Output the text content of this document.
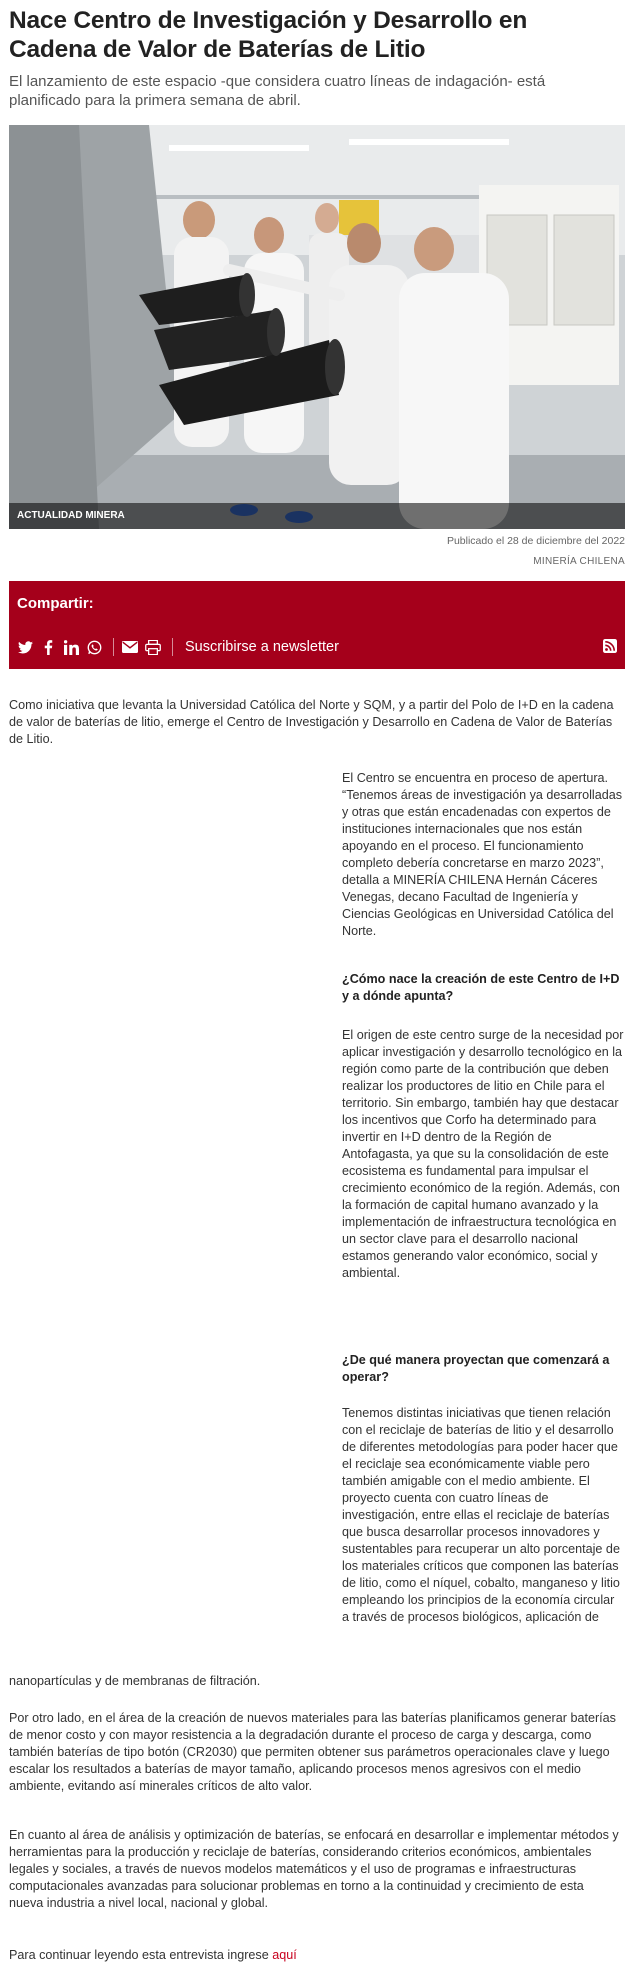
Nace Centro de Investigación y Desarrollo en Cadena de Valor de Baterías de Litio

El lanzamiento de este espacio -que considera cuatro líneas de indagación- está planificado para la primera semana de abril.

ACTUALIDAD MINERA
Publicado el 28 de diciembre del 2022
MINERÍA CHILENA
Compartir:
Suscribirse a newsletter

Como iniciativa que levanta la Universidad Católica del Norte y SQM, y a partir del Polo de I+D en la cadena de valor de baterías de litio, emerge el Centro de Investigación y Desarrollo en Cadena de Valor de Baterías de Litio.

El Centro se encuentra en proceso de apertura. “Tenemos áreas de investigación ya desarrolladas y otras que están encadenadas con expertos de instituciones internacionales que nos están apoyando en el proceso. El funcionamiento completo debería concretarse en marzo 2023”, detalla a MINERÍA CHILENA Hernán Cáceres Venegas, decano Facultad de Ingeniería y Ciencias Geológicas en Universidad Católica del Norte.

¿Cómo nace la creación de este Centro de I+D y a dónde apunta?

El origen de este centro surge de la necesidad por aplicar investigación y desarrollo tecnológico en la región como parte de la contribución que deben realizar los productores de litio en Chile para el territorio. Sin embargo, también hay que destacar los incentivos que Corfo ha determinado para invertir en I+D dentro de la Región de Antofagasta, ya que su la consolidación de este ecosistema es fundamental para impulsar el crecimiento económico de la región. Además, con la formación de capital humano avanzado y la implementación de infraestructura tecnológica en un sector clave para el desarrollo nacional estamos generando valor económico, social y ambiental.

¿De qué manera proyectan que comenzará a operar?

Tenemos distintas iniciativas que tienen relación con el reciclaje de baterías de litio y el desarrollo de diferentes metodologías para poder hacer que el reciclaje sea económicamente viable pero también amigable con el medio ambiente. El proyecto cuenta con cuatro líneas de investigación, entre ellas el reciclaje de baterías que busca desarrollar procesos innovadores y sustentables para recuperar un alto porcentaje de los materiales críticos que componen las baterías de litio, como el níquel, cobalto, manganeso y litio empleando los principios de la economía circular a través de procesos biológicos, aplicación de

nanopartículas y de membranas de filtración.

Por otro lado, en el área de la creación de nuevos materiales para las baterías planificamos generar baterías de menor costo y con mayor resistencia a la degradación durante el proceso de carga y descarga, como también baterías de tipo botón (CR2030) que permiten obtener sus parámetros operacionales clave y luego escalar los resultados a baterías de mayor tamaño, aplicando procesos menos agresivos con el medio ambiente, evitando así minerales críticos de alto valor.

En cuanto al área de análisis y optimización de baterías, se enfocará en desarrollar e implementar métodos y herramientas para la producción y reciclaje de baterías, considerando criterios económicos, ambientales legales y sociales, a través de nuevos modelos matemáticos y el uso de programas e infraestructuras computacionales avanzadas para solucionar problemas en torno a la continuidad y crecimiento de esta nueva industria a nivel local, nacional y global.

Para continuar leyendo esta entrevista ingrese aquí
